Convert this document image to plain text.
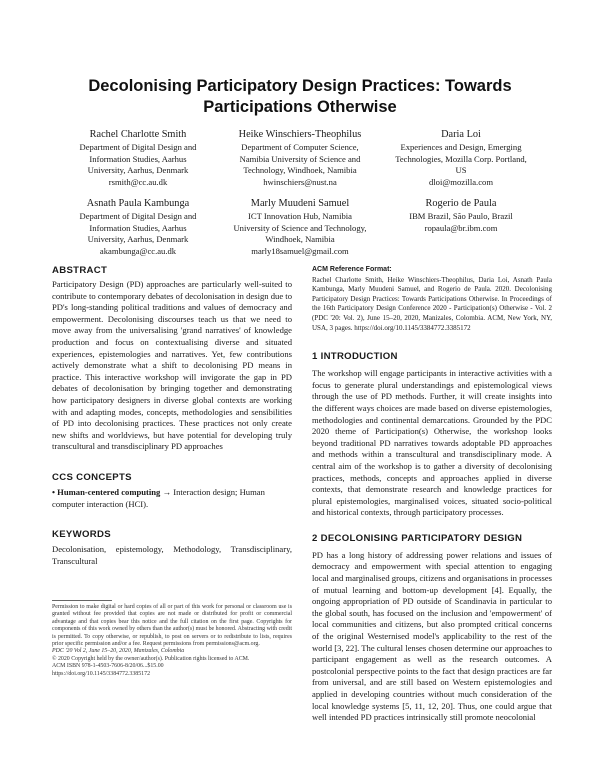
Decolonising Participatory Design Practices: Towards Participations Otherwise
Rachel Charlotte Smith
Department of Digital Design and
Information Studies, Aarhus
University, Aarhus, Denmark
rsmith@cc.au.dk
Heike Winschiers-Theophilus
Department of Computer Science,
Namibia University of Science and
Technology, Windhoek, Namibia
hwinschiers@nust.na
Daria Loi
Experiences and Design, Emerging
Technologies, Mozilla Corp. Portland,
US
dloi@mozilla.com
Asnath Paula Kambunga
Department of Digital Design and
Information Studies, Aarhus
University, Aarhus, Denmark
akambunga@cc.au.dk
Marly Muudeni Samuel
ICT Innovation Hub, Namibia
University of Science and Technology,
Windhoek, Namibia
marly18samuel@gmail.com
Rogerio de Paula
IBM Brazil, São Paulo, Brazil
ropaula@br.ibm.com
ABSTRACT

Participatory Design (PD) approaches are particularly well-suited to contribute to contemporary debates of decolonisation in design due to PD's long-standing political traditions and values of democracy and empowerment. Decolonising discourses teach us that we need to move away from the universalising 'grand narratives' of knowledge production and focus on contextualising diverse and situated experiences, epistemologies and narratives. Yet, few contributions actively demonstrate what a shift to decolonising PD means in practice. This interactive workshop will invigorate the gap in PD debates of decolonisation by bringing together and demonstrating how participatory designers in diverse global contexts are working with and adapting modes, concepts, methodologies and sensibilities of PD into decolonising practices. These practices not only create new shifts and worldviews, but have potential for developing truly transcultural and transdisciplinary PD approaches

CCS CONCEPTS

• Human-centered computing → Interaction design; Human computer interaction (HCI).

KEYWORDS

Decolonisation, epistemology, Methodology, Transdisciplinary, Transcultural

Permission to make digital or hard copies of all or part of this work for personal or classroom use is granted without fee provided that copies are not made or distributed for profit or commercial advantage and that copies bear this notice and the full citation on the first page. Copyrights for components of this work owned by others than the author(s) must be honored. Abstracting with credit is permitted. To copy otherwise, or republish, to post on servers or to redistribute to lists, requires prior specific permission and/or a fee. Request permissions from permissions@acm.org.

PDC '20 Vol 2, June 15–20, 2020, Manizales, Colombia

© 2020 Copyright held by the owner/author(s). Publication rights licensed to ACM.

ACM ISBN 978-1-4503-7606-8/20/06...$15.00

https://doi.org/10.1145/3384772.3385172

ACM Reference Format:
Rachel Charlotte Smith, Heike Winschiers-Theophilus, Daria Loi, Asnath Paula Kambunga, Marly Muudeni Samuel, and Rogerio de Paula. 2020. Decolonising Participatory Design Practices: Towards Participations Otherwise. In Proceedings of the 16th Participatory Design Conference 2020 - Participation(s) Otherwise - Vol. 2 (PDC '20: Vol. 2), June 15–20, 2020, Manizales, Colombia. ACM, New York, NY, USA, 3 pages. https://doi.org/10.1145/3384772.3385172
1 INTRODUCTION

The workshop will engage participants in interactive activities with a focus to generate plural understandings and epistemological views through the use of PD methods. Further, it will create insights into the different ways choices are made based on diverse epistemologies, methodologies and continental demarcations. Grounded by the PDC 2020 theme of Participation(s) Otherwise, the workshop looks beyond traditional PD narratives towards adoptable PD approaches and methods within a transcultural and transdisciplinary mode. A central aim of the workshop is to gather a diversity of decolonising practices, methods, concepts and approaches applied in diverse contexts, that demonstrate research and knowledge practices for plural epistemologies, marginalised voices, situated socio-political and historical contexts, through participatory processes.

2 DECOLONISING PARTICIPATORY DESIGN

PD has a long history of addressing power relations and issues of democracy and empowerment with special attention to engaging local and marginalised groups, citizens and organisations in processes of mutual learning and bottom-up development [4]. Equally, the ongoing appropriation of PD outside of Scandinavia in particular to the global south, has focused on the inclusion and 'empowerment' of local communities and citizens, but also prompted critical concerns of the original Westernised model's applicability to the rest of the world [3, 22]. The cultural lenses chosen determine our approaches to participant engagement as well as the research outcomes. A postcolonial perspective points to the fact that design practices are far from universal, and are still based on Western epistemologies and applied in developing countries without much consideration of the local knowledge systems [5, 11, 12, 20]. Thus, one could argue that well intended PD practices intrinsically still promote neocolonial
